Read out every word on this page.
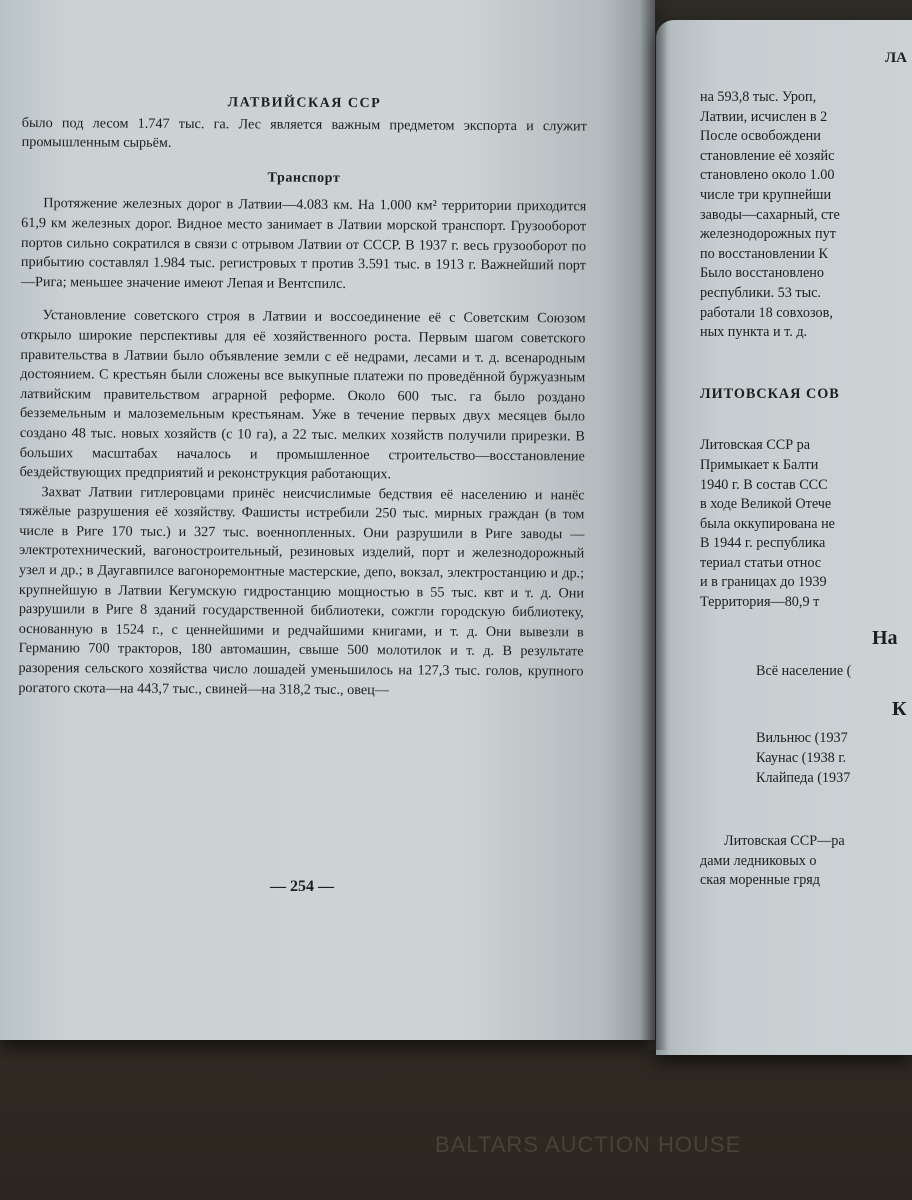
ЛАТВИЙСКАЯ ССР

было под лесом 1.747 тыс. га. Лес является важным предметом экспорта и служит промышленным сырьём.

Транспорт

Протяжение железных дорог в Латвии—4.083 км. На 1.000 км² территории приходится 61,9 км железных дорог. Видное место занимает в Латвии морской транспорт. Грузооборот портов сильно сократился в связи с отрывом Латвии от СССР. В 1937 г. весь грузооборот по прибытию составлял 1.984 тыс. регистровых т против 3.591 тыс. в 1913 г. Важнейший порт—Рига; меньшее значение имеют Лепая и Вентспилс.

Установление советского строя в Латвии и воссоединение её с Советским Союзом открыло широкие перспективы для её хозяйственного роста. Первым шагом советского правительства в Латвии было объявление земли с её недрами, лесами и т. д. всенародным достоянием. С крестьян были сложены все выкупные платежи по проведённой буржуазным латвийским правительством аграрной реформе. Около 600 тыс. га было роздано безземельным и малоземельным крестьянам. Уже в течение первых двух месяцев было создано 48 тыс. новых хозяйств (с 10 га), а 22 тыс. мелких хозяйств получили прирезки. В больших масштабах началось и промышленное строительство—восстановление бездействующих предприятий и реконструкция работающих.

Захват Латвии гитлеровцами принёс неисчислимые бедствия её населению и нанёс тяжёлые разрушения её хозяйству. Фашисты истребили 250 тыс. мирных граждан (в том числе в Риге 170 тыс.) и 327 тыс. военнопленных. Они разрушили в Риге заводы —электротехнический, вагоностроительный, резиновых изделий, порт и железнодорожный узел и др.; в Даугавпилсе вагоноремонтные мастерские, депо, вокзал, электростанцию и др.; крупнейшую в Латвии Кегумскую гидростанцию мощностью в 55 тыс. квт и т. д. Они разрушили в Риге 8 зданий государственной библиотеки, сожгли городскую библиотеку, основанную в 1524 г., с ценнейшими и редчайшими книгами, и т. д. Они вывезли в Германию 700 тракторов, 180 автомашин, свыше 500 молотилок и т. д. В результате разорения сельского хозяйства число лошадей уменьшилось на 127,3 тыс. голов, крупного рогатого скота—на 443,7 тыс., свиней—на 318,2 тыс., овец—

— 254 —
ЛА
на 593,8 тыс. Уроп,
Латвии, исчислен в 2
После освобождени
становление её хозяйс
становлено около 1.00
числе три крупнейши
заводы—сахарный, сте
железнодорожных пут
по восстановлении К
Было восстановлено
республики. 53 тыс.
работали 18 совхозов,
ных пункта и т. д.
ЛИТОВСКАЯ СОВ
Литовская ССР ра
Примыкает к Балти
1940 г. В состав ССС
в ходе Великой Отече
была оккупирована не
В 1944 г. республика
териал статьи относ
и в границах до 1939
Территория—80,9 т
На
Всё население (
К
Вильнюс (1937
Каунас (1938 г.
Клайпеда (1937
Литовская ССР—ра
дами ледниковых о
ская моренные гряд
BALTARS AUCTION HOUSE
